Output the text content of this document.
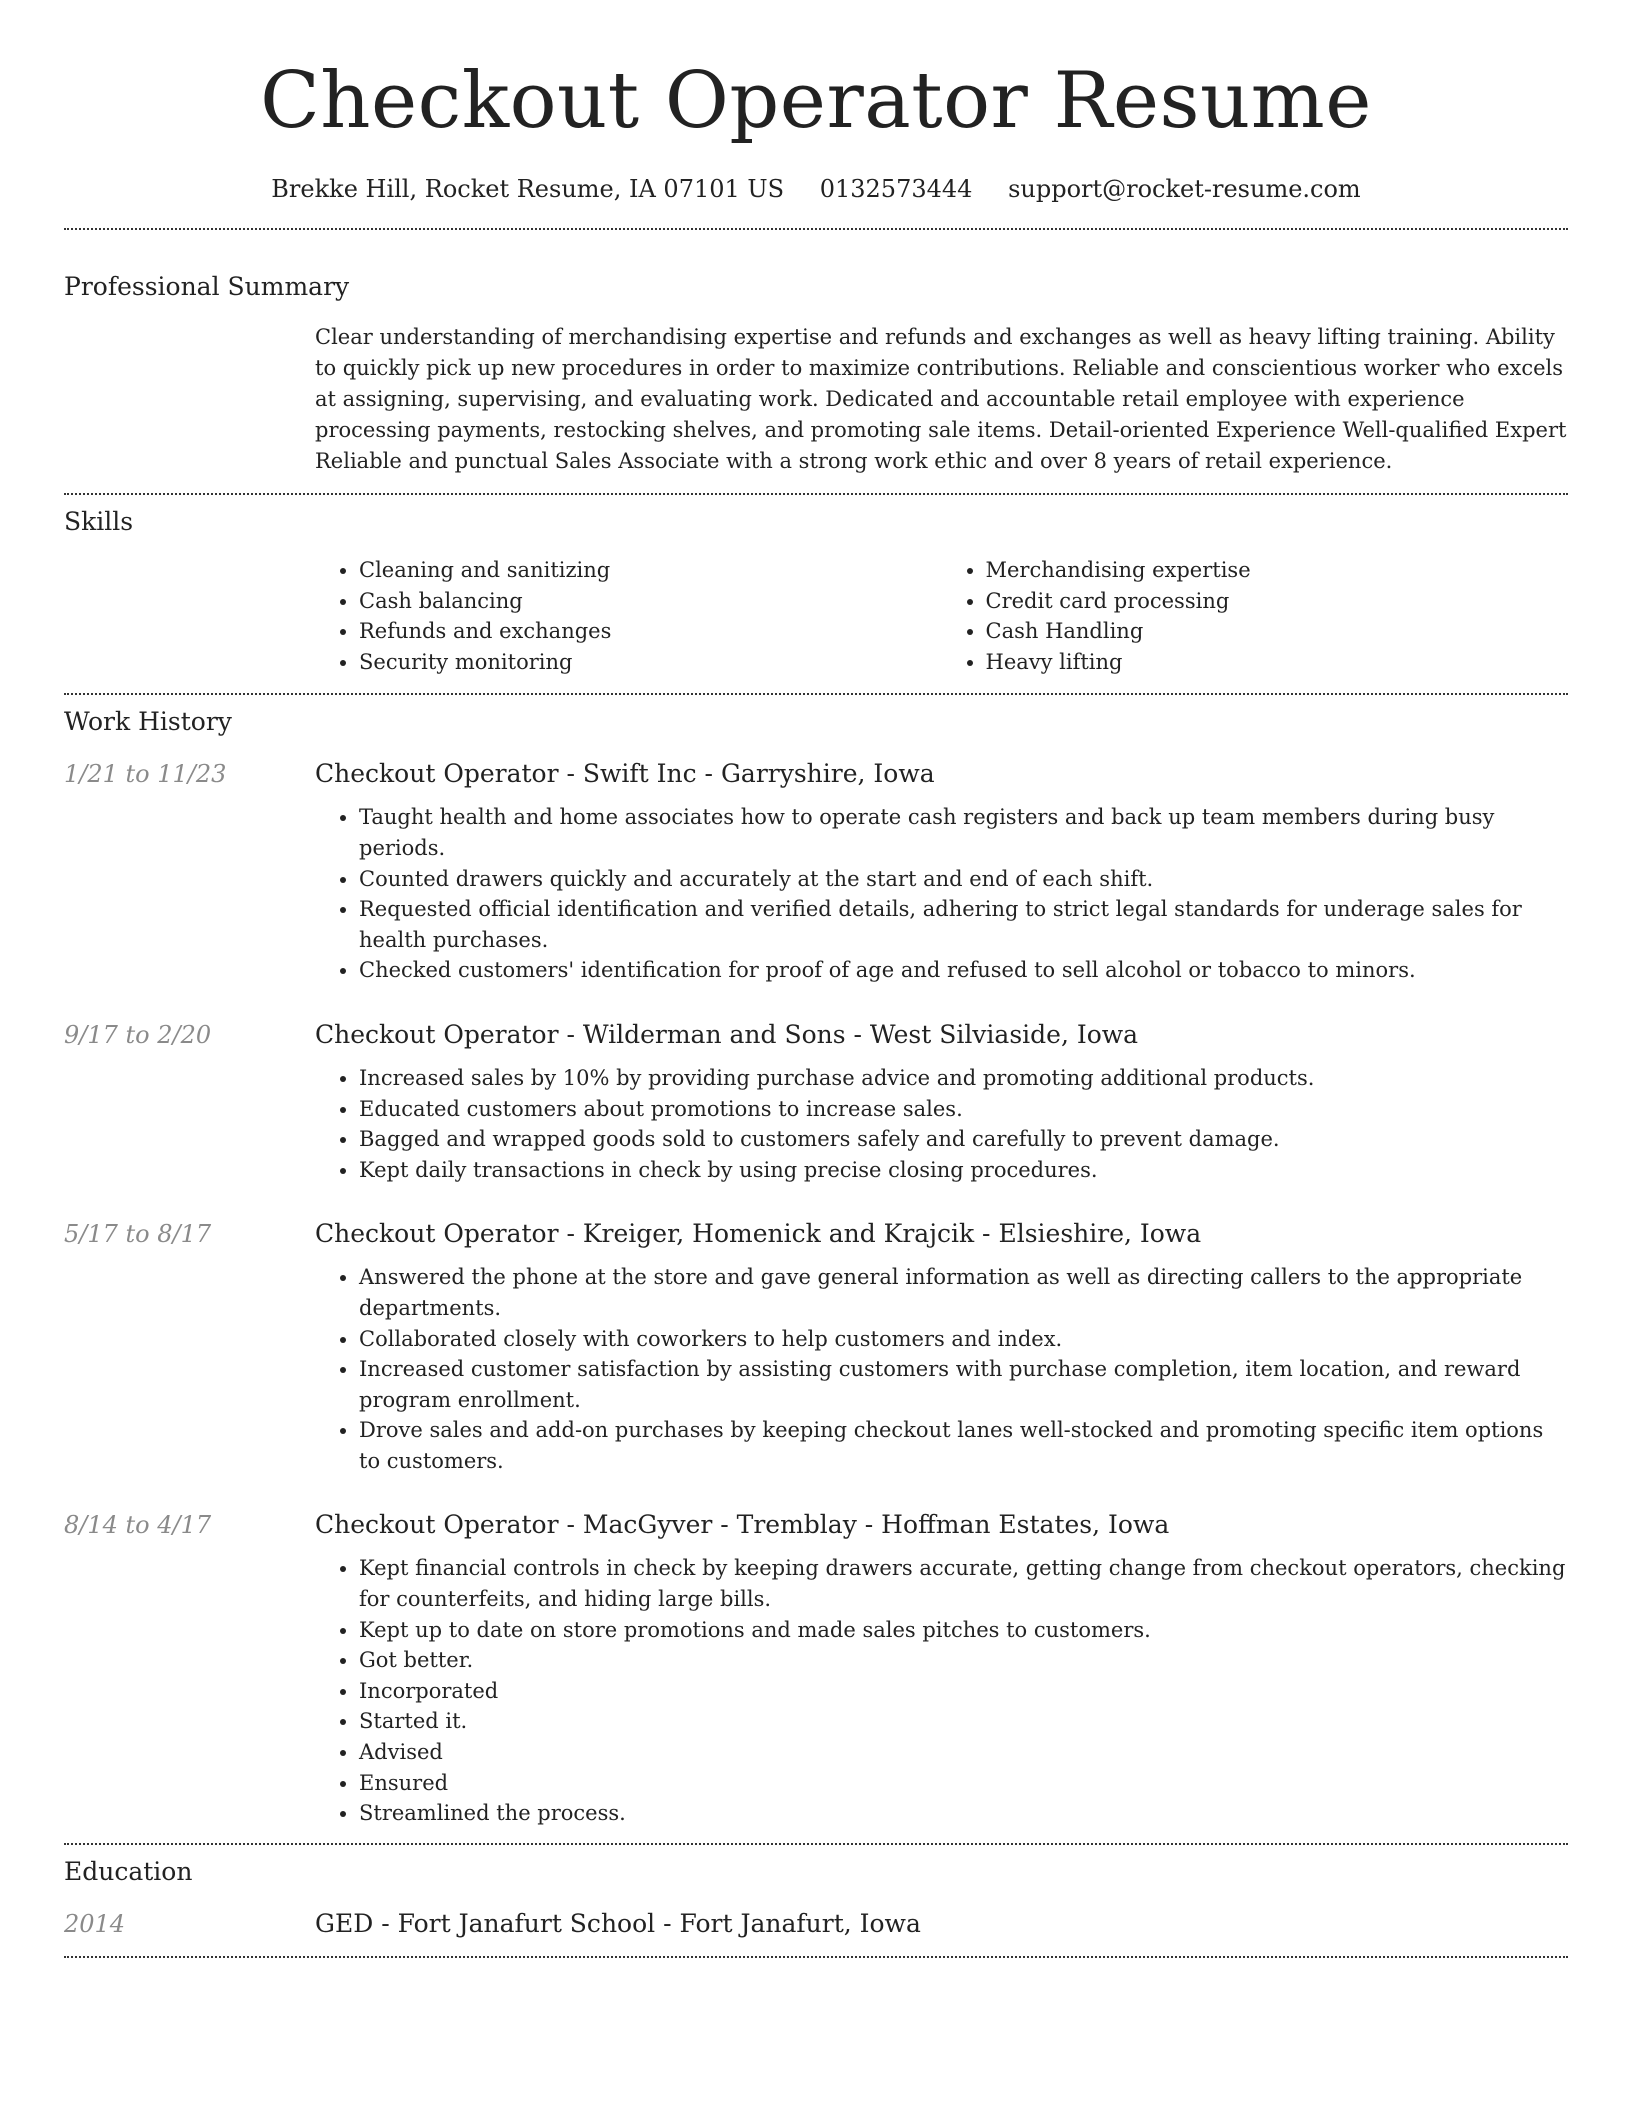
Checkout Operator Resume
Brekke Hill, Rocket Resume, IA 07101 US 0132573444 support@rocket-resume.com
Professional Summary
Clear understanding of merchandising expertise and refunds and exchanges as well as heavy lifting training. Ability to quickly pick up new procedures in order to maximize contributions. Reliable and conscientious worker who excels at assigning, supervising, and evaluating work. Dedicated and accountable retail employee with experience processing payments, restocking shelves, and promoting sale items. Detail-oriented Experience Well-qualified Expert Reliable and punctual Sales Associate with a strong work ethic and over 8 years of retail experience.
Skills
• Cleaning and sanitizing
• Cash balancing
• Refunds and exchanges
• Security monitoring
• Merchandising expertise
• Credit card processing
• Cash Handling
• Heavy lifting
Work History
1/21 to 11/23	Checkout Operator - Swift Inc - Garryshire, Iowa
• Taught health and home associates how to operate cash registers and back up team members during busy periods.
• Counted drawers quickly and accurately at the start and end of each shift.
• Requested official identification and verified details, adhering to strict legal standards for underage sales for health purchases.
• Checked customers' identification for proof of age and refused to sell alcohol or tobacco to minors.
9/17 to 2/20	Checkout Operator - Wilderman and Sons - West Silviaside, Iowa
• Increased sales by 10% by providing purchase advice and promoting additional products.
• Educated customers about promotions to increase sales.
• Bagged and wrapped goods sold to customers safely and carefully to prevent damage.
• Kept daily transactions in check by using precise closing procedures.
5/17 to 8/17	Checkout Operator - Kreiger, Homenick and Krajcik - Elsieshire, Iowa
• Answered the phone at the store and gave general information as well as directing callers to the appropriate departments.
• Collaborated closely with coworkers to help customers and index.
• Increased customer satisfaction by assisting customers with purchase completion, item location, and reward program enrollment.
• Drove sales and add-on purchases by keeping checkout lanes well-stocked and promoting specific item options to customers.
8/14 to 4/17	Checkout Operator - MacGyver - Tremblay - Hoffman Estates, Iowa
• Kept financial controls in check by keeping drawers accurate, getting change from checkout operators, checking for counterfeits, and hiding large bills.
• Kept up to date on store promotions and made sales pitches to customers.
• Got better.
• Incorporated
• Started it.
• Advised
• Ensured
• Streamlined the process.
Education
2014	GED - Fort Janafurt School - Fort Janafurt, Iowa
